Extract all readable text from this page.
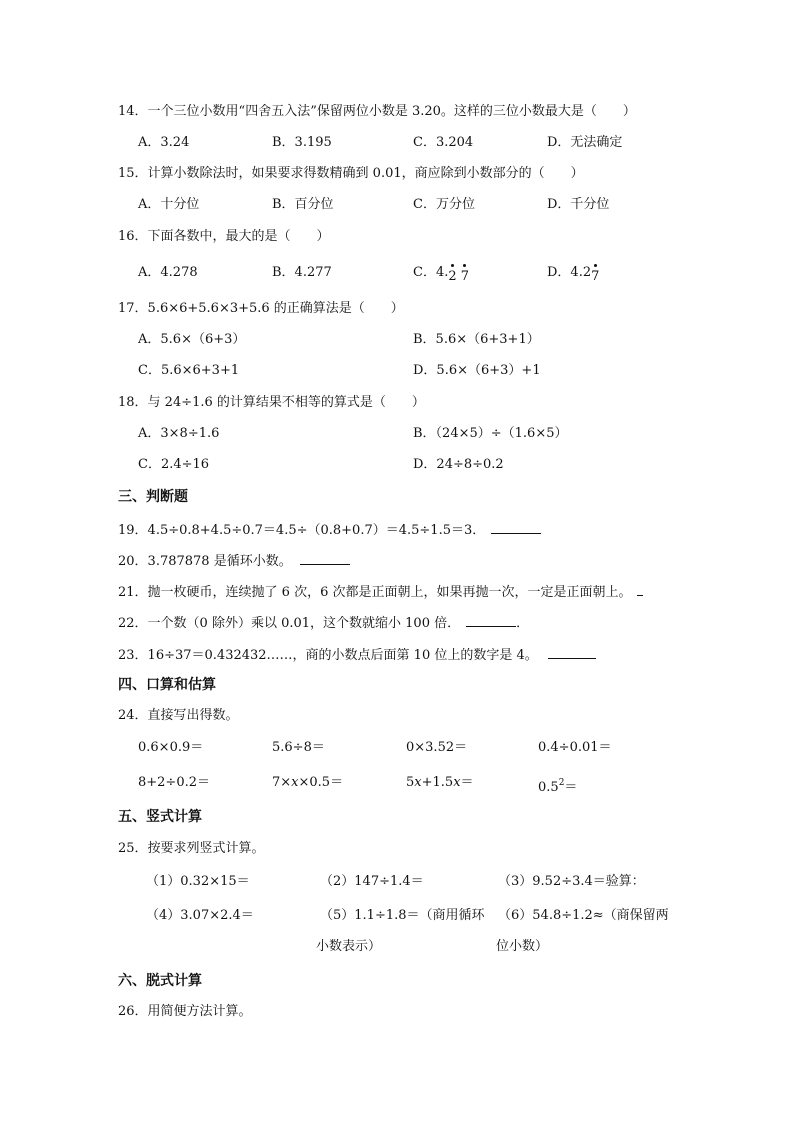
14．一个三位小数用“四舍五入法”保留两位小数是 3.20。这样的三位小数最大是（　　）
A．3.24	B．3.195	C．3.204	D．无法确定
15．计算小数除法时，如果要求得数精确到 0.01，商应除到小数部分的（　　）
A．十分位	B．百分位	C．万分位	D．千分位
16．下面各数中，最大的是（　　）
A．4.278	B．4.277	C．4.2 7	D．4.27
17．5.6×6+5.6×3+5.6 的正确算法是（　　）
A．5.6×（6+3）	B．5.6×（6+3+1）
C．5.6×6+3+1	D．5.6×（6+3）+1
18．与 24÷1.6 的计算结果不相等的算式是（　　）
A．3×8÷1.6	B．（24×5）÷（1.6×5）
C．2.4÷16	D．24÷8÷0.2
三、判断题
19．4.5÷0.8+4.5÷0.7＝4.5÷（0.8+0.7）＝4.5÷1.5＝3．
20．3.787878 是循环小数。
21．抛一枚硬币，连续抛了 6 次，6 次都是正面朝上，如果再抛一次，一定是正面朝上。
22．一个数（0 除外）乘以 0.01，这个数就缩小 100 倍．	．
23．16÷37＝0.432432……，商的小数点后面第 10 位上的数字是 4。
四、口算和估算
24．直接写出得数。
0.6×0.9＝	5.6÷8＝	0×3.52＝	0.4÷0.01＝
8+2÷0.2＝	7×x×0.5＝	5x+1.5x＝	$0.5^2=$
五、竖式计算
25．按要求列竖式计算。
（1）0.32×15＝	（2）147÷1.4＝	（3）9.52÷3.4＝验算：
（4）3.07×2.4＝	（5）1.1÷1.8＝（商用循环 （6）54.8÷1.2≈（商保留两
小数表示）	位小数）
六、脱式计算
26．用简便方法计算。
